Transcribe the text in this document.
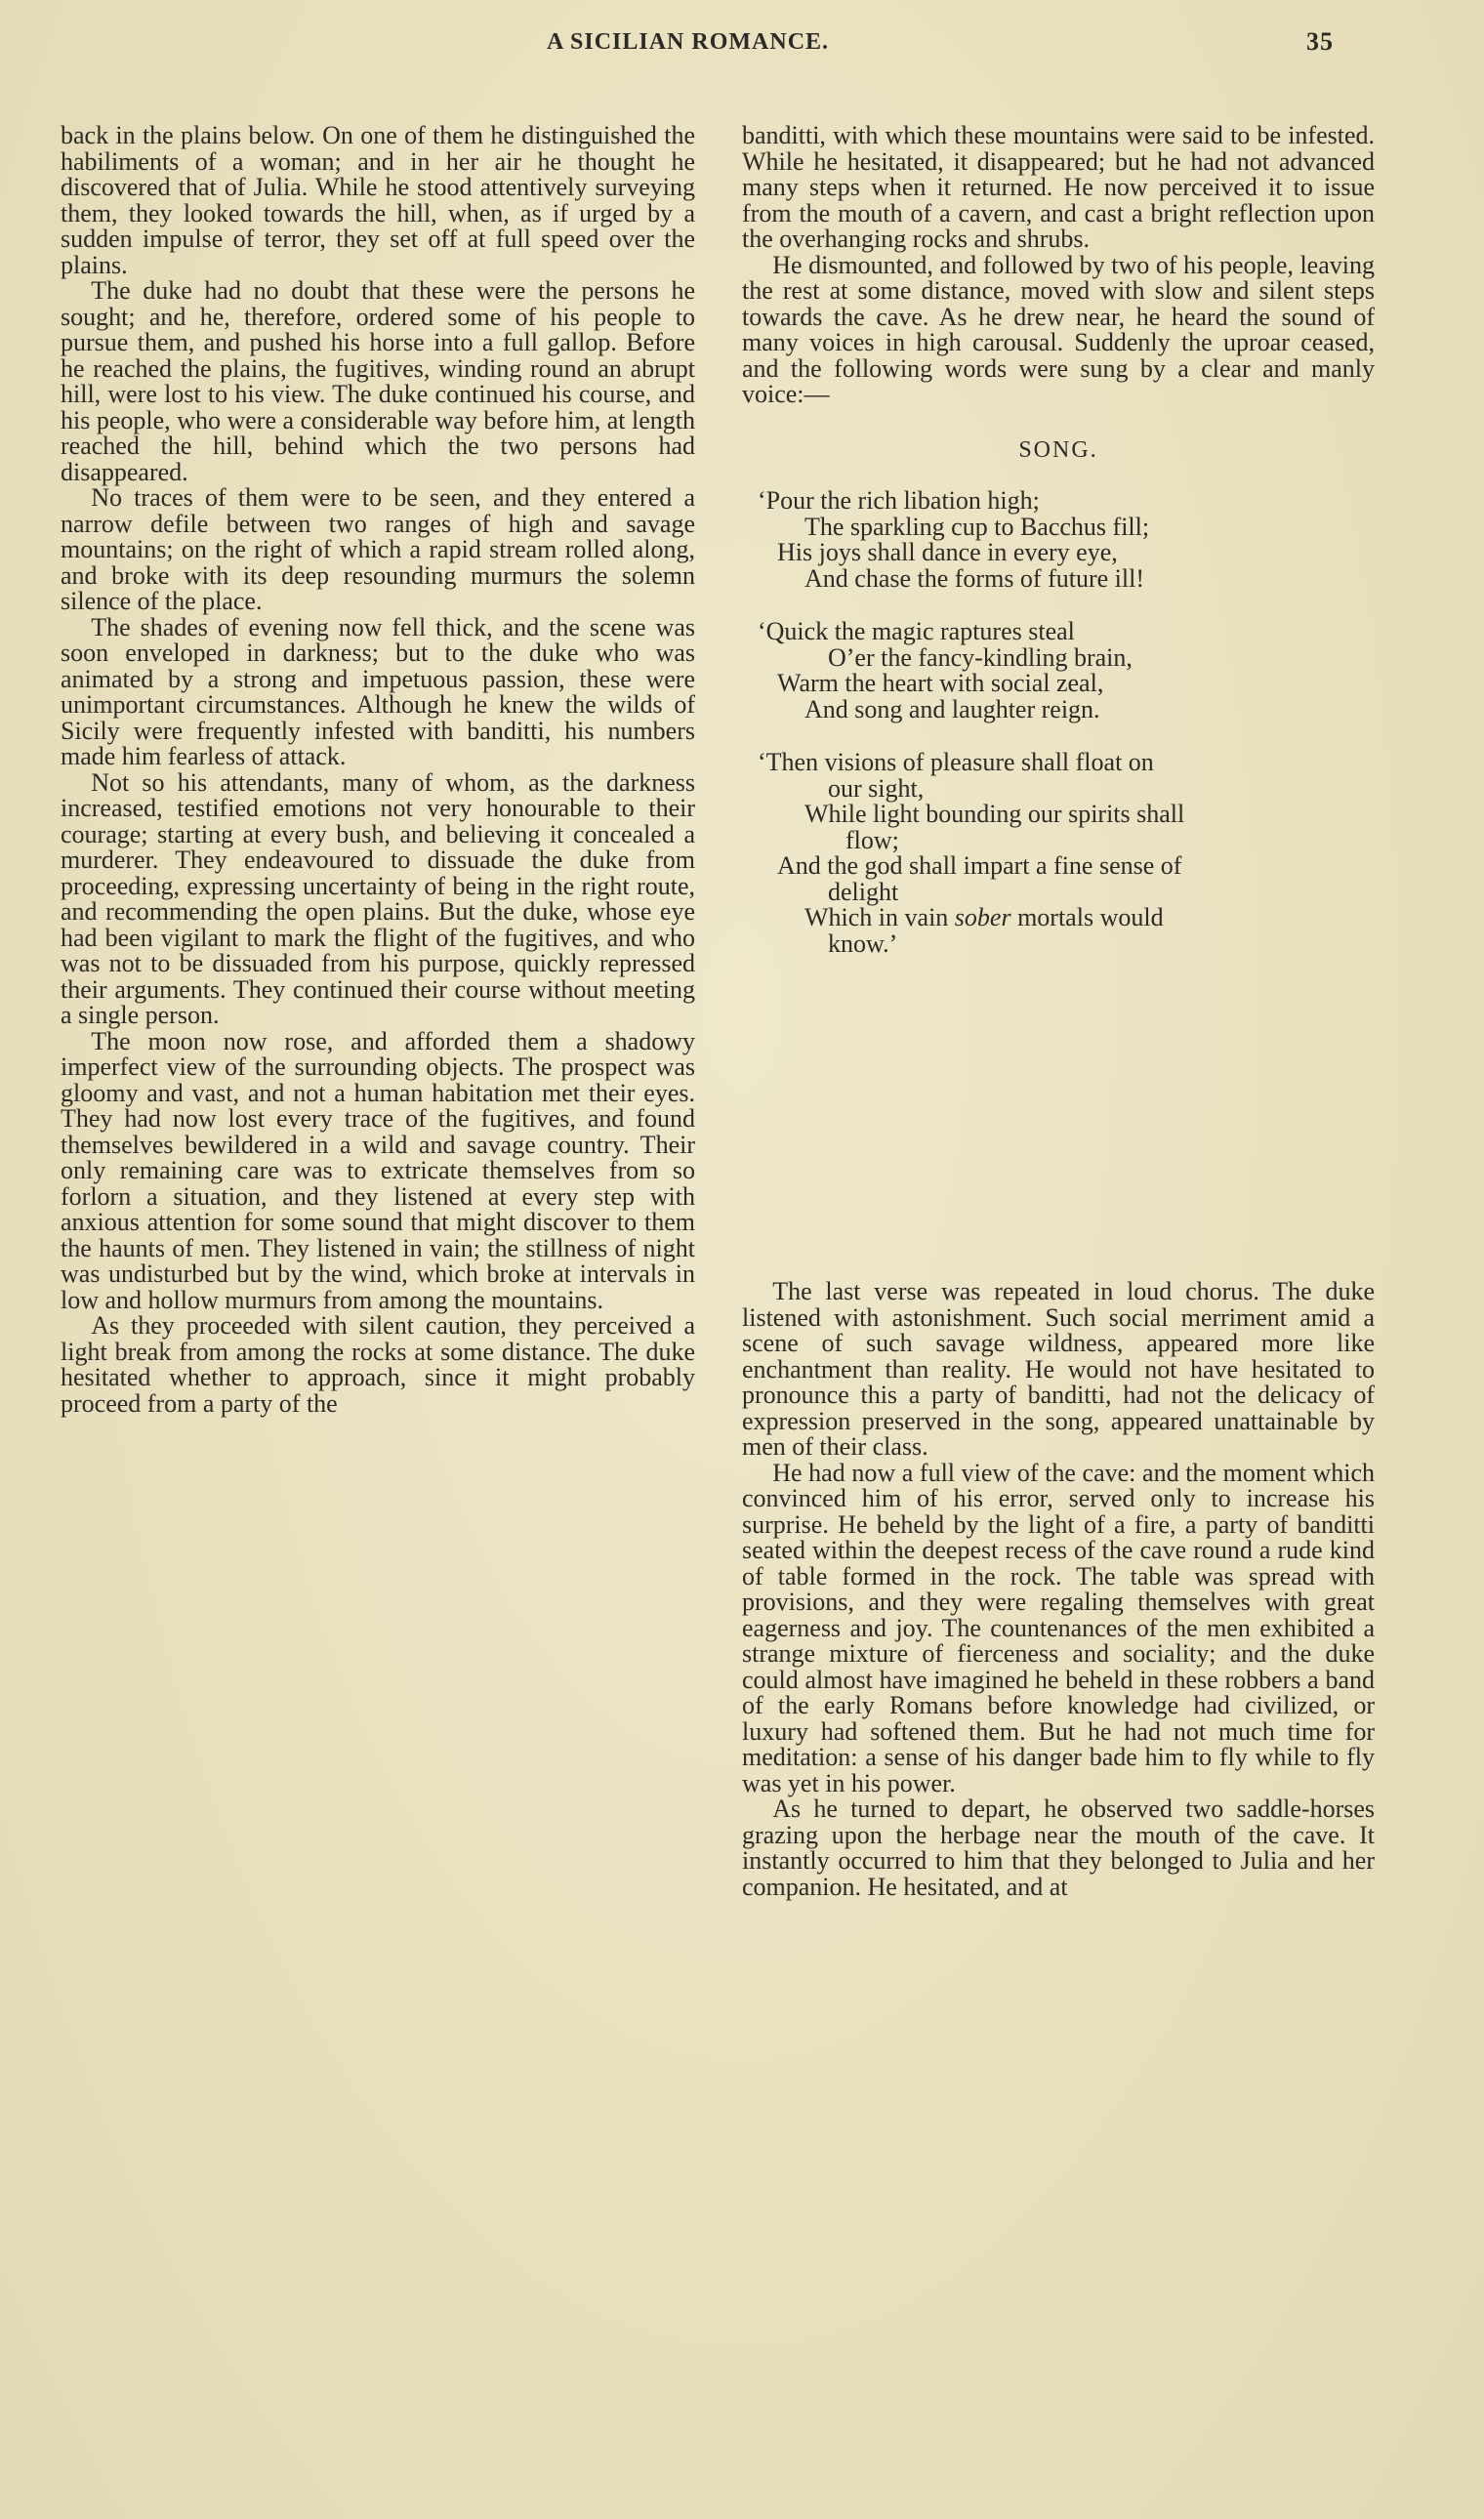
A SICILIAN ROMANCE.	35

back in the plains below. On one of them he distinguished the habiliments of a woman; and in her air he thought he discovered that of Julia. While he stood attentively surveying them, they looked towards the hill, when, as if urged by a sudden impulse of terror, they set off at full speed over the plains.

The duke had no doubt that these were the persons he sought; and he, therefore, ordered some of his people to pursue them, and pushed his horse into a full gallop. Before he reached the plains, the fugitives, winding round an abrupt hill, were lost to his view. The duke continued his course, and his people, who were a considerable way before him, at length reached the hill, behind which the two persons had disappeared.

No traces of them were to be seen, and they entered a narrow defile between two ranges of high and savage mountains; on the right of which a rapid stream rolled along, and broke with its deep resounding murmurs the solemn silence of the place.

The shades of evening now fell thick, and the scene was soon enveloped in darkness; but to the duke who was animated by a strong and impetuous passion, these were unimportant circumstances. Although he knew the wilds of Sicily were frequently infested with banditti, his numbers made him fearless of attack.

Not so his attendants, many of whom, as the darkness increased, testified emotions not very honourable to their courage; starting at every bush, and believing it concealed a murderer. They endeavoured to dissuade the duke from proceeding, expressing uncertainty of being in the right route, and recommending the open plains. But the duke, whose eye had been vigilant to mark the flight of the fugitives, and who was not to be dissuaded from his purpose, quickly repressed their arguments. They continued their course without meeting a single person.

The moon now rose, and afforded them a shadowy imperfect view of the surrounding objects. The prospect was gloomy and vast, and not a human habitation met their eyes. They had now lost every trace of the fugitives, and found themselves bewildered in a wild and savage country. Their only remaining care was to extricate themselves from so forlorn a situation, and they listened at every step with anxious attention for some sound that might discover to them the haunts of men. They listened in vain; the stillness of night was undisturbed but by the wind, which broke at intervals in low and hollow murmurs from among the mountains.

As they proceeded with silent caution, they perceived a light break from among the rocks at some distance. The duke hesitated whether to approach, since it might probably proceed from a party of the

banditti, with which these mountains were said to be infested. While he hesitated, it disappeared; but he had not advanced many steps when it returned. He now perceived it to issue from the mouth of a cavern, and cast a bright reflection upon the overhanging rocks and shrubs.

He dismounted, and followed by two of his people, leaving the rest at some distance, moved with slow and silent steps towards the cave. As he drew near, he heard the sound of many voices in high carousal. Suddenly the uproar ceased, and the following words were sung by a clear and manly voice:—

SONG.
‘Pour the rich libation high;
The sparkling cup to Bacchus fill;
His joys shall dance in every eye,
And chase the forms of future ill!
‘Quick the magic raptures steal
O’er the fancy-kindling brain,
Warm the heart with social zeal,
And song and laughter reign.
‘Then visions of pleasure shall float on
our sight,
While light bounding our spirits shall
flow;
And the god shall impart a fine sense of
delight
Which in vain sober mortals would
know.’

The last verse was repeated in loud chorus. The duke listened with astonishment. Such social merriment amid a scene of such savage wildness, appeared more like enchantment than reality. He would not have hesitated to pronounce this a party of banditti, had not the delicacy of expression preserved in the song, appeared unattainable by men of their class.

He had now a full view of the cave: and the moment which convinced him of his error, served only to increase his surprise. He beheld by the light of a fire, a party of banditti seated within the deepest recess of the cave round a rude kind of table formed in the rock. The table was spread with provisions, and they were regaling themselves with great eagerness and joy. The countenances of the men exhibited a strange mixture of fierceness and sociality; and the duke could almost have imagined he beheld in these robbers a band of the early Romans before knowledge had civilized, or luxury had softened them. But he had not much time for meditation: a sense of his danger bade him to fly while to fly was yet in his power.

As he turned to depart, he observed two saddle-horses grazing upon the herbage near the mouth of the cave. It instantly occurred to him that they belonged to Julia and her companion. He hesitated, and at
